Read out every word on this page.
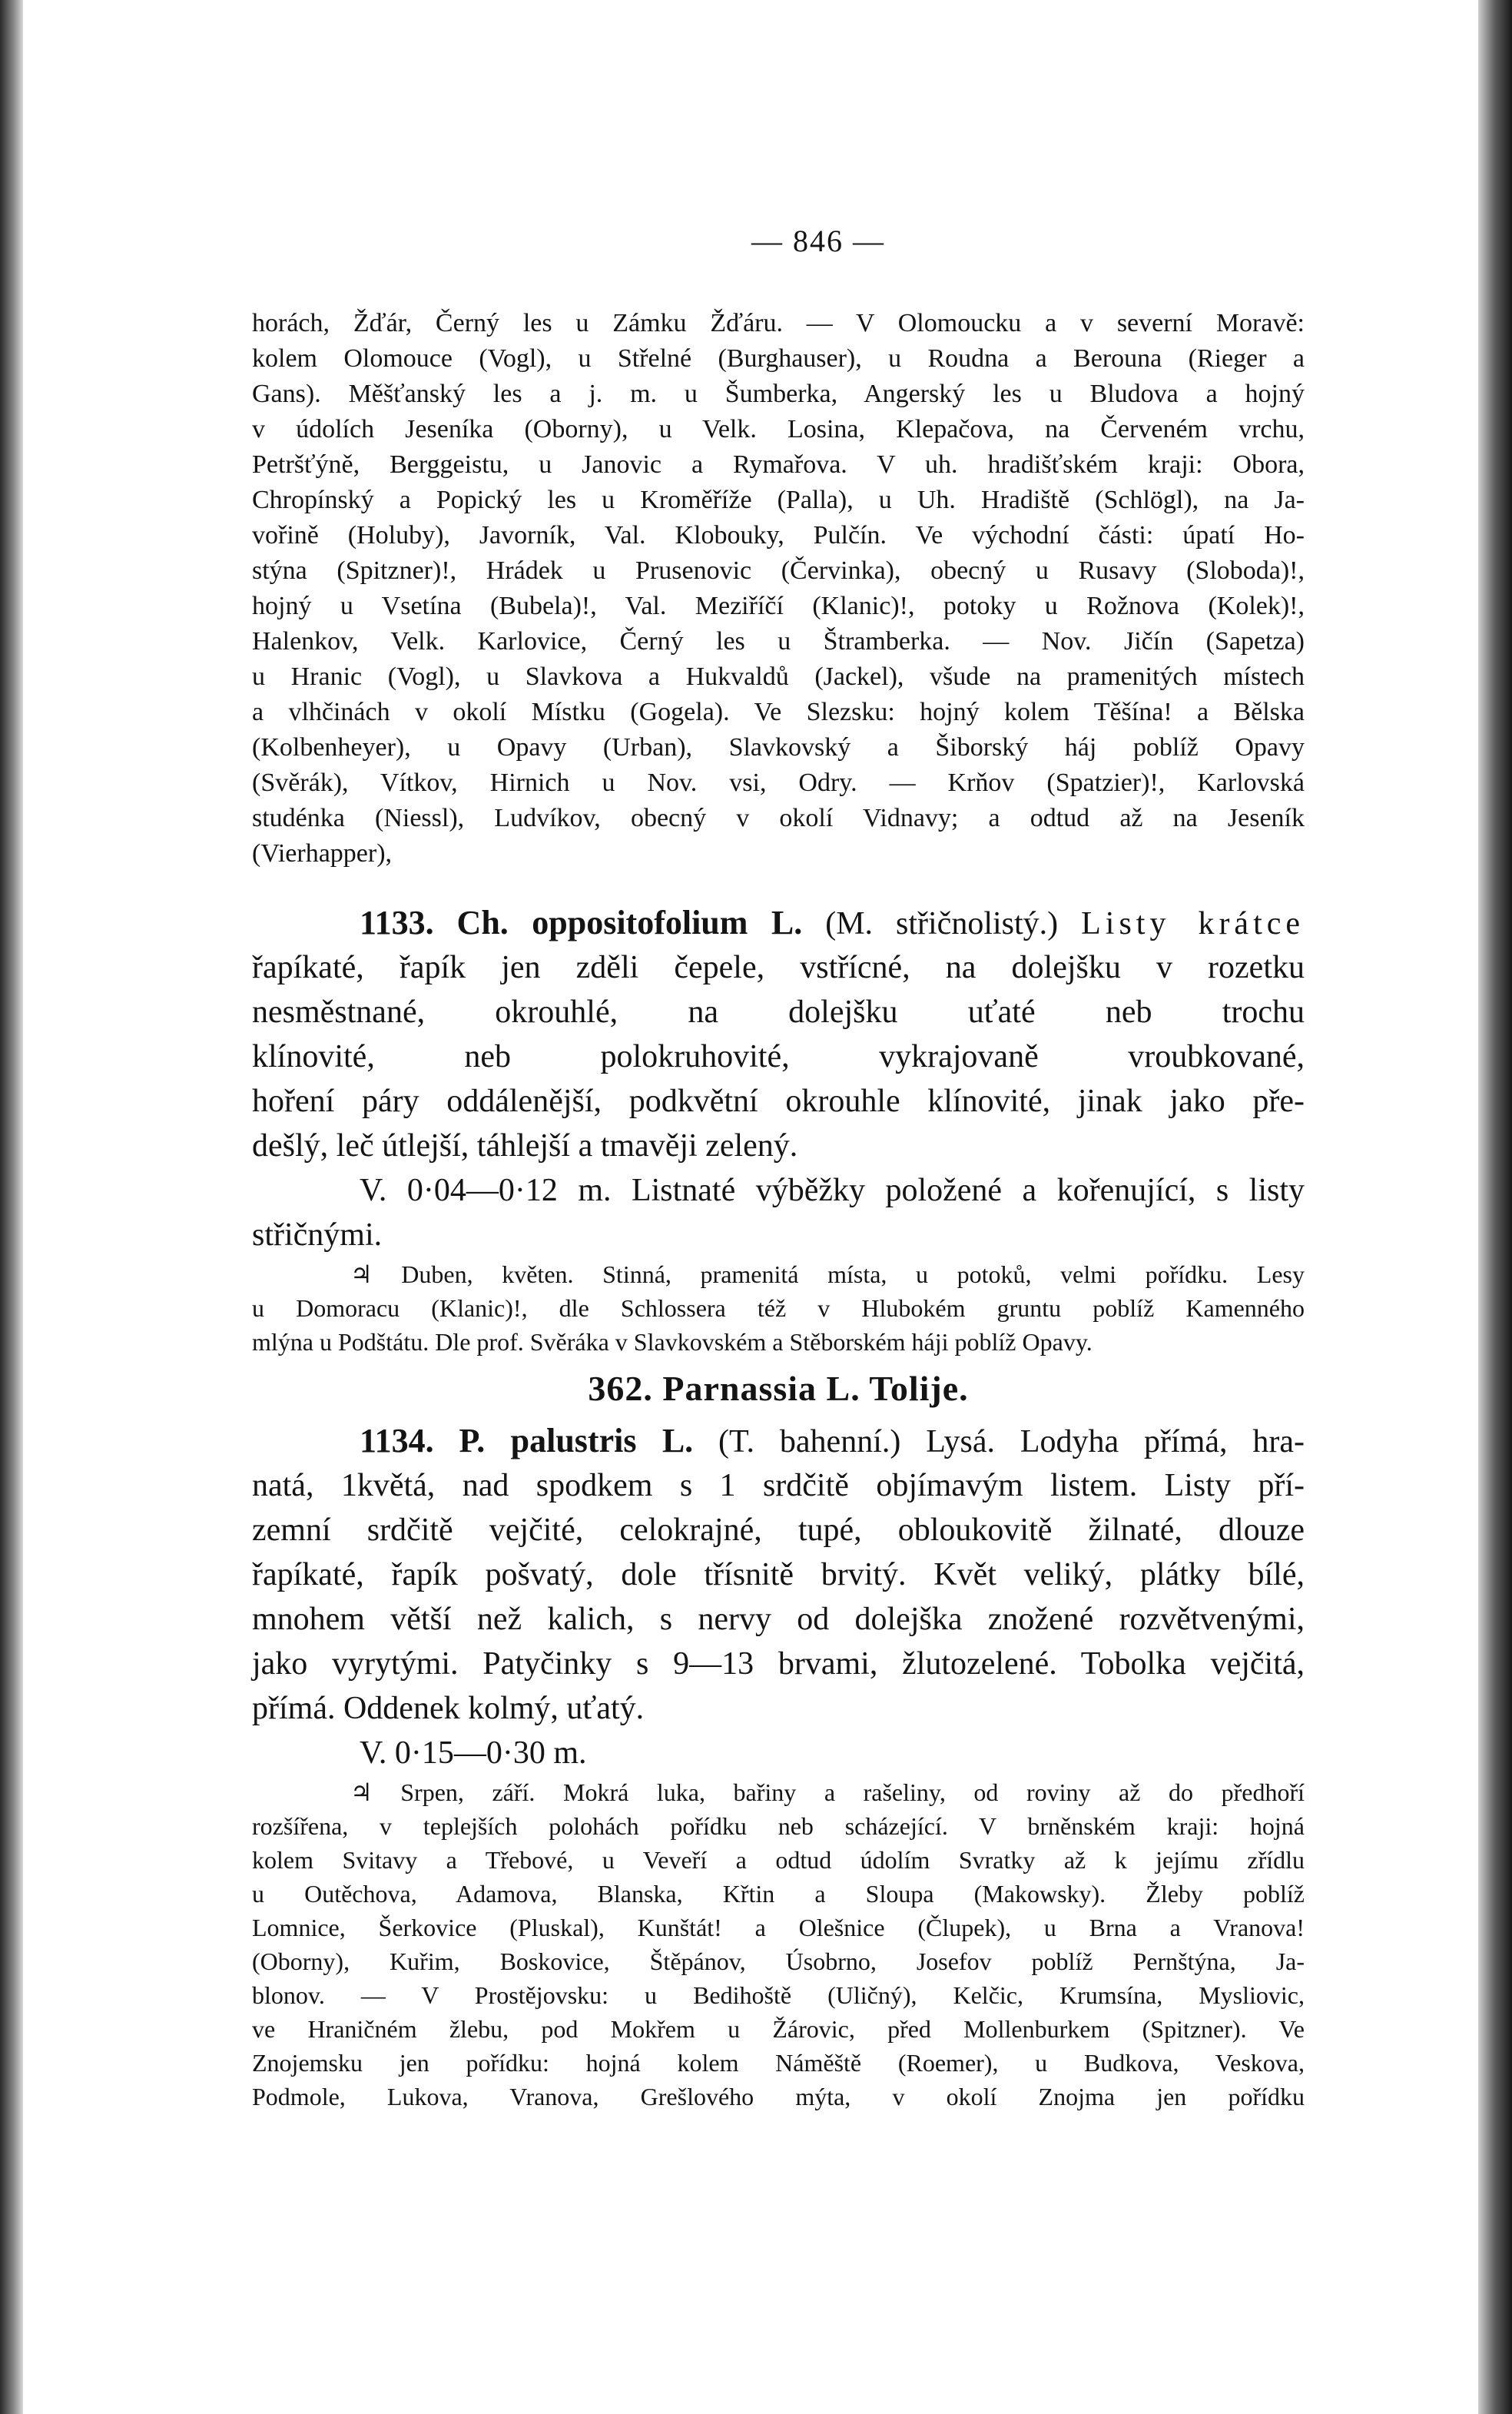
— 846 —
horách, Žďár, Černý les u Zámku Žďáru. — V Olomoucku a v severní Moravě:
kolem Olomouce (Vogl), u Střelné (Burghauser), u Roudna a Berouna (Rieger a
Gans). Měšťanský les a j. m. u Šumberka, Angerský les u Bludova a hojný
v údolích Jeseníka (Oborny), u Velk. Losina, Klepačova, na Červeném vrchu,
Petršťýně, Berggeistu, u Janovic a Rymařova. V uh. hradišťském kraji: Obora,
Chropínský a Popický les u Kroměříže (Palla), u Uh. Hradiště (Schlögl), na Ja-
vořině (Holuby), Javorník, Val. Klobouky, Pulčín. Ve východní části: úpatí Ho-
stýna (Spitzner)!, Hrádek u Prusenovic (Červinka), obecný u Rusavy (Sloboda)!,
hojný u Vsetína (Bubela)!, Val. Meziříčí (Klanic)!, potoky u Rožnova (Kolek)!,
Halenkov, Velk. Karlovice, Černý les u Štramberka. — Nov. Jičín (Sapetza)
u Hranic (Vogl), u Slavkova a Hukvaldů (Jackel), všude na pramenitých místech
a vlhčinách v okolí Místku (Gogela). Ve Slezsku: hojný kolem Těšína! a Bělska
(Kolbenheyer), u Opavy (Urban), Slavkovský a Šiborský háj poblíž Opavy
(Svěrák), Vítkov, Hirnich u Nov. vsi, Odry. — Krňov (Spatzier)!, Karlovská
studénka (Niessl), Ludvíkov, obecný v okolí Vidnavy; a odtud až na Jeseník
(Vierhapper),
1133. Ch. oppositofolium L. (M. střičnolistý.) Listy krátce
řapíkaté, řapík jen zděli čepele, vstřícné, na dolejšku v rozetku
nesměstnané, okrouhlé, na dolejšku uťaté neb trochu
klínovité, neb polokruhovité, vykrajovaně vroubkované,
hoření páry oddálenější, podkvětní okrouhle klínovité, jinak jako pře-
dešlý, leč útlejší, táhlejší a tmavěji zelený.
V. 0·04—0·12 m. Listnaté výběžky položené a kořenující, s listy
střičnými.
♃ Duben, květen. Stinná, pramenitá místa, u potoků, velmi pořídku. Lesy
u Domoracu (Klanic)!, dle Schlossera též v Hlubokém gruntu poblíž Kamenného
mlýna u Podštátu. Dle prof. Svěráka v Slavkovském a Stěborském háji poblíž Opavy.
362. Parnassia L. Tolije.
1134. P. palustris L. (T. bahenní.) Lysá. Lodyha přímá, hra-
natá, 1květá, nad spodkem s 1 srdčitě objímavým listem. Listy pří-
zemní srdčitě vejčité, celokrajné, tupé, obloukovitě žilnaté, dlouze
řapíkaté, řapík pošvatý, dole třísnitě brvitý. Květ veliký, plátky bílé,
mnohem větší než kalich, s nervy od dolejška znožené rozvětvenými,
jako vyrytými. Patyčinky s 9—13 brvami, žlutozelené. Tobolka vejčitá,
přímá. Oddenek kolmý, uťatý.
V. 0·15—0·30 m.
♃ Srpen, září. Mokrá luka, bařiny a rašeliny, od roviny až do předhoří
rozšířena, v teplejších polohách pořídku neb scházející. V brněnském kraji: hojná
kolem Svitavy a Třebové, u Veveří a odtud údolím Svratky až k jejímu zřídlu
u Outěchova, Adamova, Blanska, Křtin a Sloupa (Makowsky). Žleby poblíž
Lomnice, Šerkovice (Pluskal), Kunštát! a Olešnice (Člupek), u Brna a Vranova!
(Oborny), Kuřim, Boskovice, Štěpánov, Úsobrno, Josefov poblíž Pernštýna, Ja-
blonov. — V Prostějovsku: u Bedihoště (Uličný), Kelčic, Krumsína, Myslioviс,
ve Hraničném žlebu, pod Mokřem u Žárovic, před Mollenburkem (Spitzner). Ve
Znojemsku jen pořídku: hojná kolem Náměště (Roemer), u Budkova, Veskova,
Podmole, Lukova, Vranova, Grešlového mýta, v okolí Znojma jen pořídku
